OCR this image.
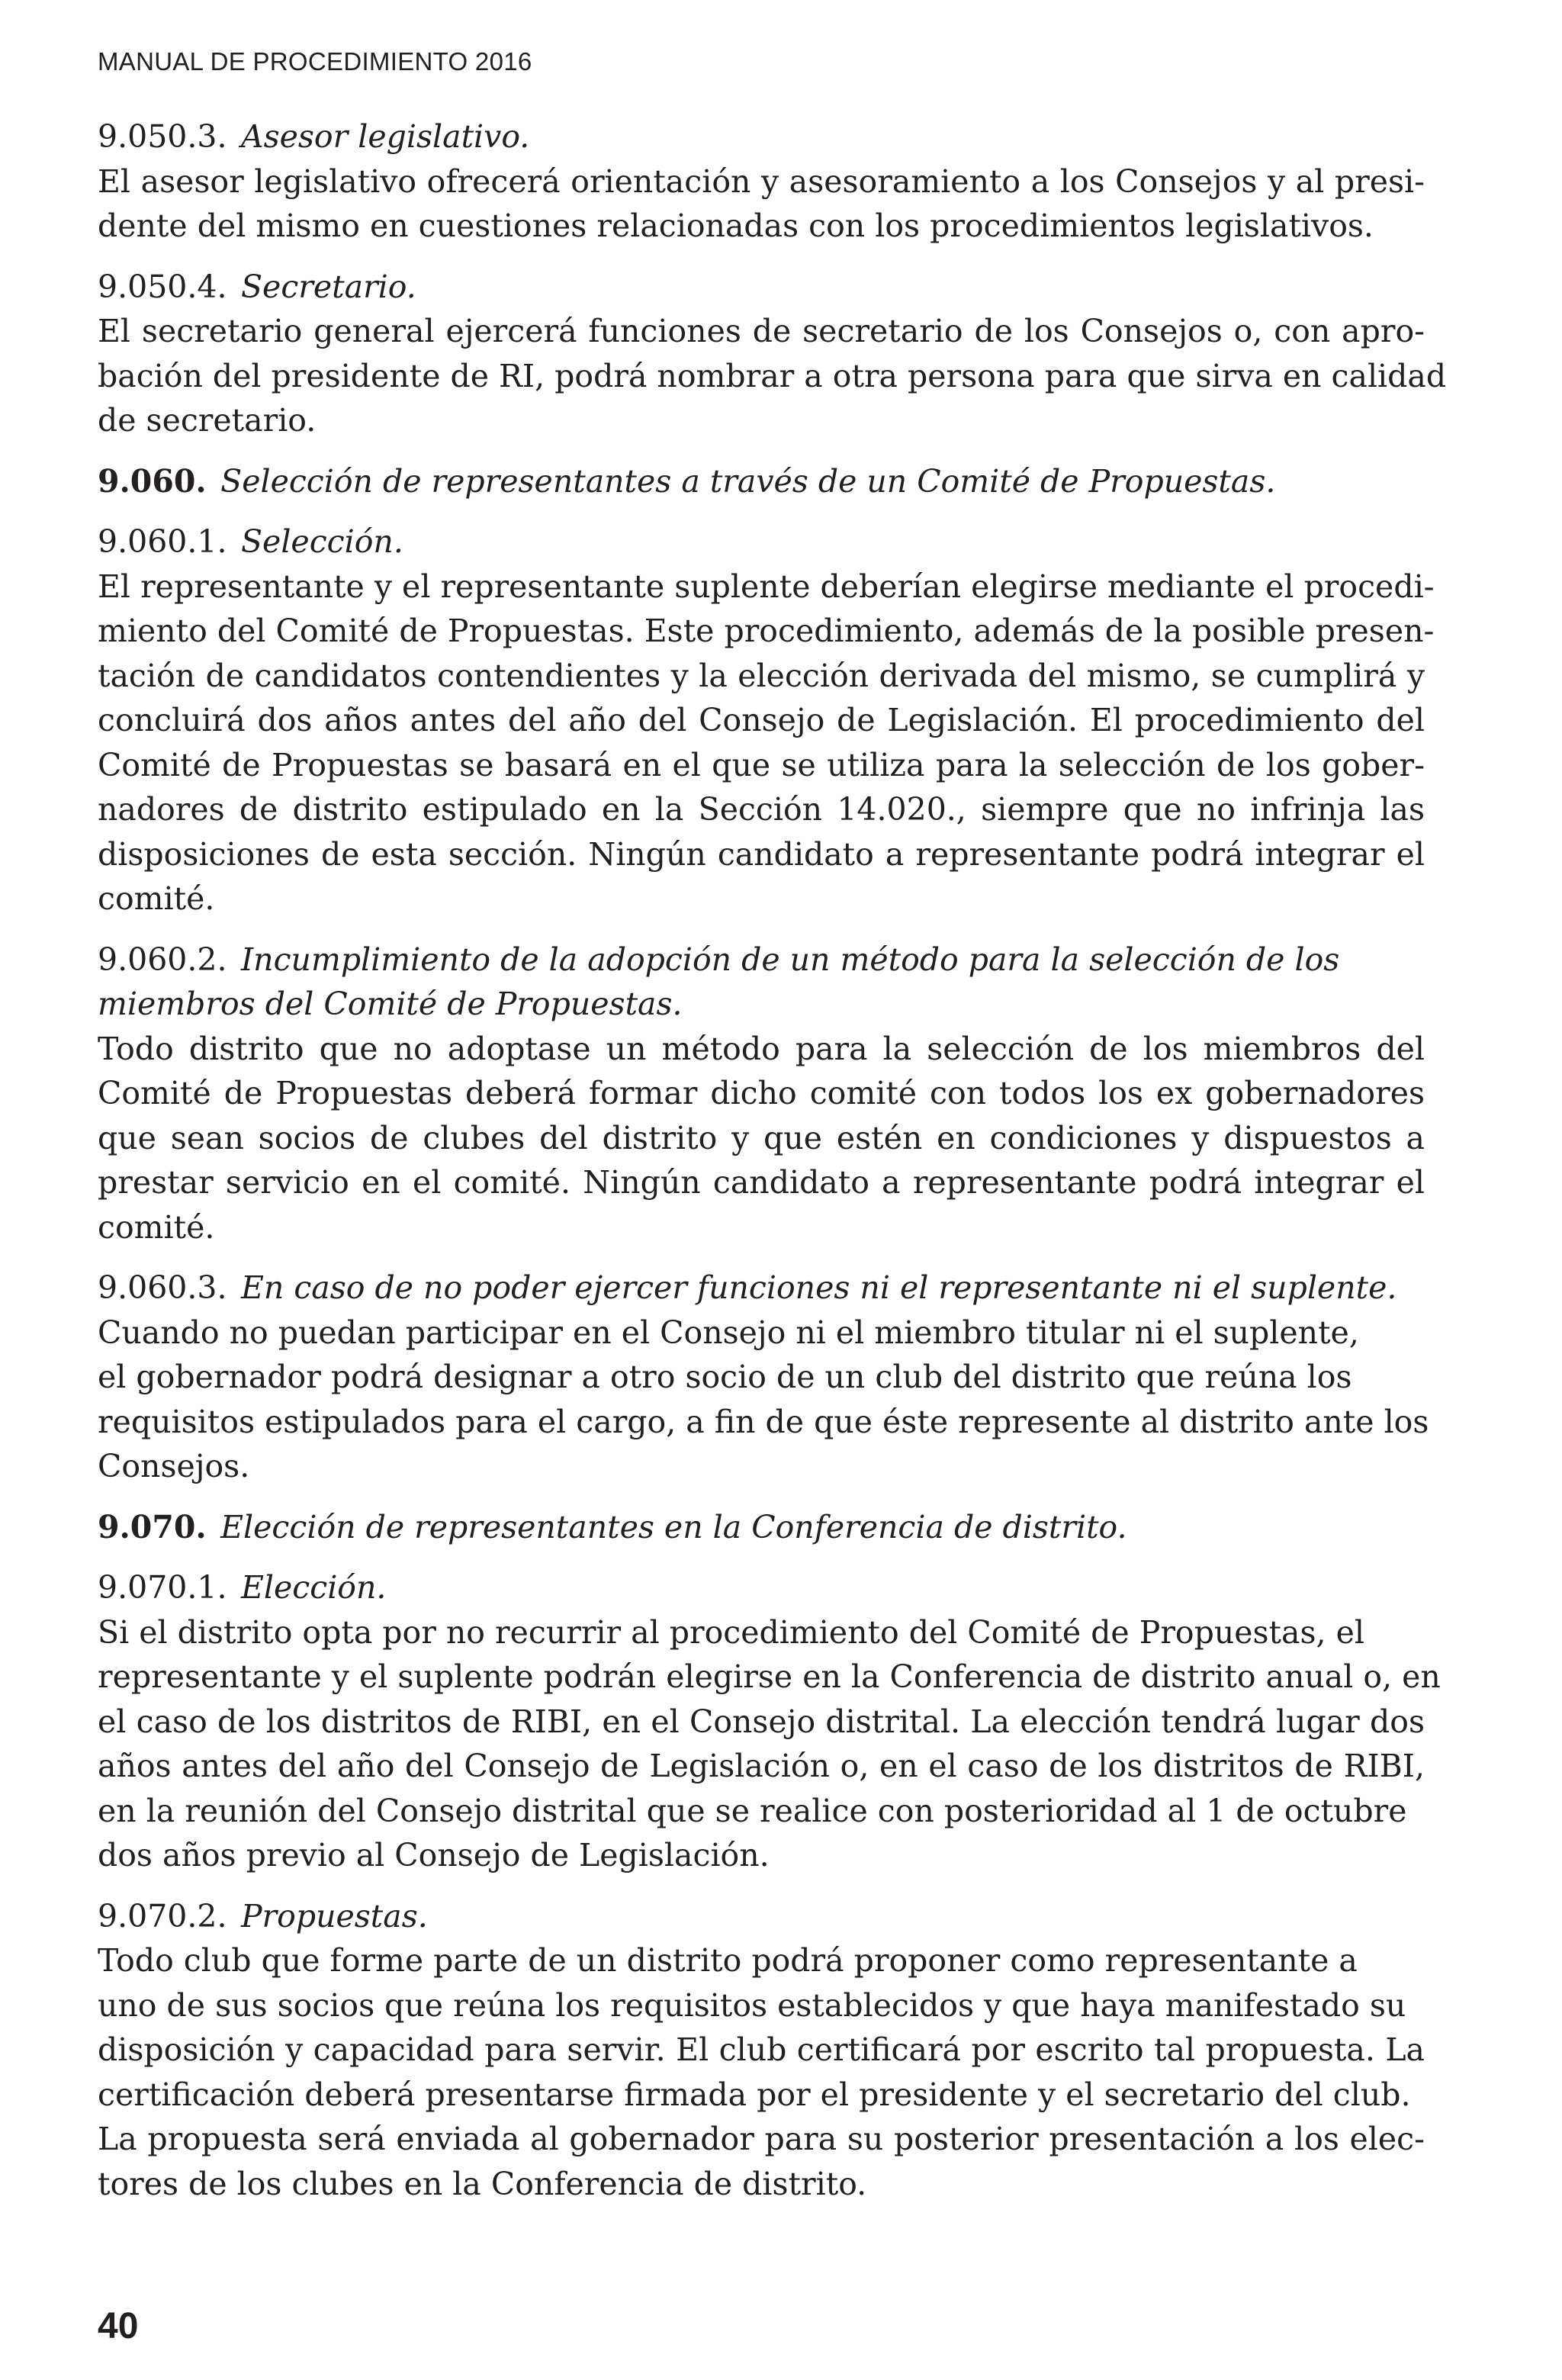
MANUAL DE PROCEDIMIENTO 2016
9.050.3. Asesor legislativo.
El asesor legislativo ofrecerá orientación y asesoramiento a los Consejos y al presi-
dente del mismo en cuestiones relacionadas con los procedimientos legislativos.
9.050.4. Secretario.
El secretario general ejercerá funciones de secretario de los Consejos o, con apro-
bación del presidente de RI, podrá nombrar a otra persona para que sirva en calidad
de secretario.
9.060. Selección de representantes a través de un Comité de Propuestas.
9.060.1. Selección.
El representante y el representante suplente deberían elegirse mediante el procedi-
miento del Comité de Propuestas. Este procedimiento, además de la posible presen-
tación de candidatos contendientes y la elección derivada del mismo, se cumplirá y
concluirá dos años antes del año del Consejo de Legislación. El procedimiento del
Comité de Propuestas se basará en el que se utiliza para la selección de los gober-
nadores de distrito estipulado en la Sección 14.020., siempre que no infrinja las
disposiciones de esta sección. Ningún candidato a representante podrá integrar el
comité.
9.060.2. Incumplimiento de la adopción de un método para la selección de los
miembros del Comité de Propuestas.
Todo distrito que no adoptase un método para la selección de los miembros del
Comité de Propuestas deberá formar dicho comité con todos los ex gobernadores
que sean socios de clubes del distrito y que estén en condiciones y dispuestos a
prestar servicio en el comité. Ningún candidato a representante podrá integrar el
comité.
9.060.3. En caso de no poder ejercer funciones ni el representante ni el suplente.
Cuando no puedan participar en el Consejo ni el miembro titular ni el suplente,
el gobernador podrá designar a otro socio de un club del distrito que reúna los
requisitos estipulados para el cargo, a fin de que éste represente al distrito ante los
Consejos.
9.070. Elección de representantes en la Conferencia de distrito.
9.070.1. Elección.
Si el distrito opta por no recurrir al procedimiento del Comité de Propuestas, el
representante y el suplente podrán elegirse en la Conferencia de distrito anual o, en
el caso de los distritos de RIBI, en el Consejo distrital. La elección tendrá lugar dos
años antes del año del Consejo de Legislación o, en el caso de los distritos de RIBI,
en la reunión del Consejo distrital que se realice con posterioridad al 1 de octubre
dos años previo al Consejo de Legislación.
9.070.2. Propuestas.
Todo club que forme parte de un distrito podrá proponer como representante a
uno de sus socios que reúna los requisitos establecidos y que haya manifestado su
disposición y capacidad para servir. El club certificará por escrito tal propuesta. La
certificación deberá presentarse firmada por el presidente y el secretario del club.
La propuesta será enviada al gobernador para su posterior presentación a los elec-
tores de los clubes en la Conferencia de distrito.
40
